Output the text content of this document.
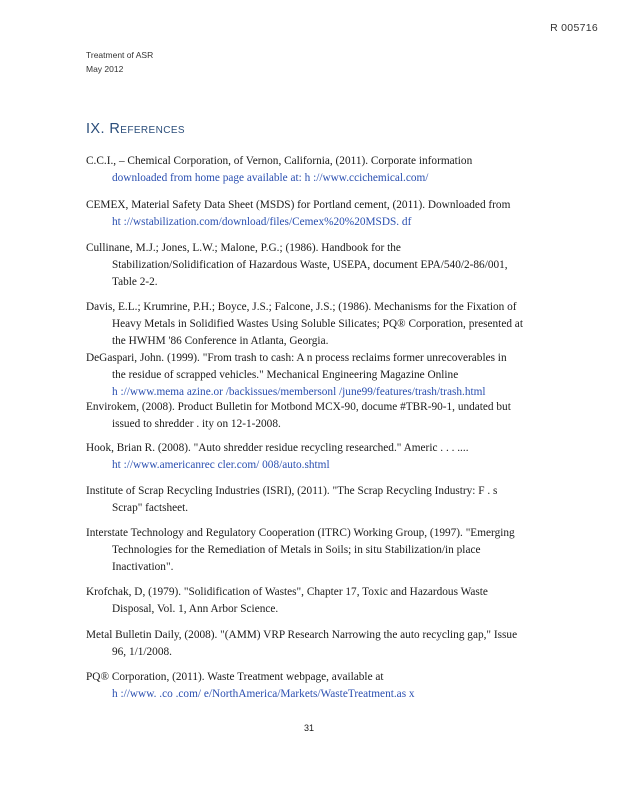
R 005716
Treatment of ASR
May 2012
IX. References
C.C.I., – Chemical Corporation, of Vernon, California, (2011). Corporate information
downloaded from home page available at: h ://www.ccichemical.com/
CEMEX, Material Safety Data Sheet (MSDS) for Portland cement, (2011). Downloaded from
ht ://wstabilization.com/download/files/Cemex%20%20MSDS. df
Cullinane, M.J.; Jones, L.W.; Malone, P.G.; (1986). Handbook for the
Stabilization/Solidification of Hazardous Waste, USEPA, document EPA/540/2-86/001,
Table 2-2.
Davis, E.L.; Krumrine, P.H.; Boyce, J.S.; Falcone, J.S.; (1986). Mechanisms for the Fixation of
Heavy Metals in Solidified Wastes Using Soluble Silicates; PQ® Corporation, presented at
the HWHM '86 Conference in Atlanta, Georgia.
DeGaspari, John. (1999). "From trash to cash: A n process reclaims former unrecoverables in
the residue of scrapped vehicles." Mechanical Engineering Magazine Online
h ://www.mema azine.or /backissues/membersonl /june99/features/trash/trash.html
Envirokem, (2008). Product Bulletin for Motbond MCX-90, docume #TBR-90-1, undated but
issued to shredder . ity on 12-1-2008.
Hook, Brian R. (2008). "Auto shredder residue recycling researched." Americ . . . ....
ht ://www.americanrec cler.com/ 008/auto.shtml
Institute of Scrap Recycling Industries (ISRI), (2011). "The Scrap Recycling Industry: F . s
Scrap" factsheet.
Interstate Technology and Regulatory Cooperation (ITRC) Working Group, (1997). "Emerging
Technologies for the Remediation of Metals in Soils; in situ Stabilization/in place
Inactivation".
Krofchak, D, (1979). "Solidification of Wastes", Chapter 17, Toxic and Hazardous Waste
Disposal, Vol. 1, Ann Arbor Science.
Metal Bulletin Daily, (2008). "(AMM) VRP Research Narrowing the auto recycling gap," Issue
96, 1/1/2008.
PQ® Corporation, (2011). Waste Treatment webpage, available at
h ://www. .co .com/ e/NorthAmerica/Markets/WasteTreatment.as x
31
